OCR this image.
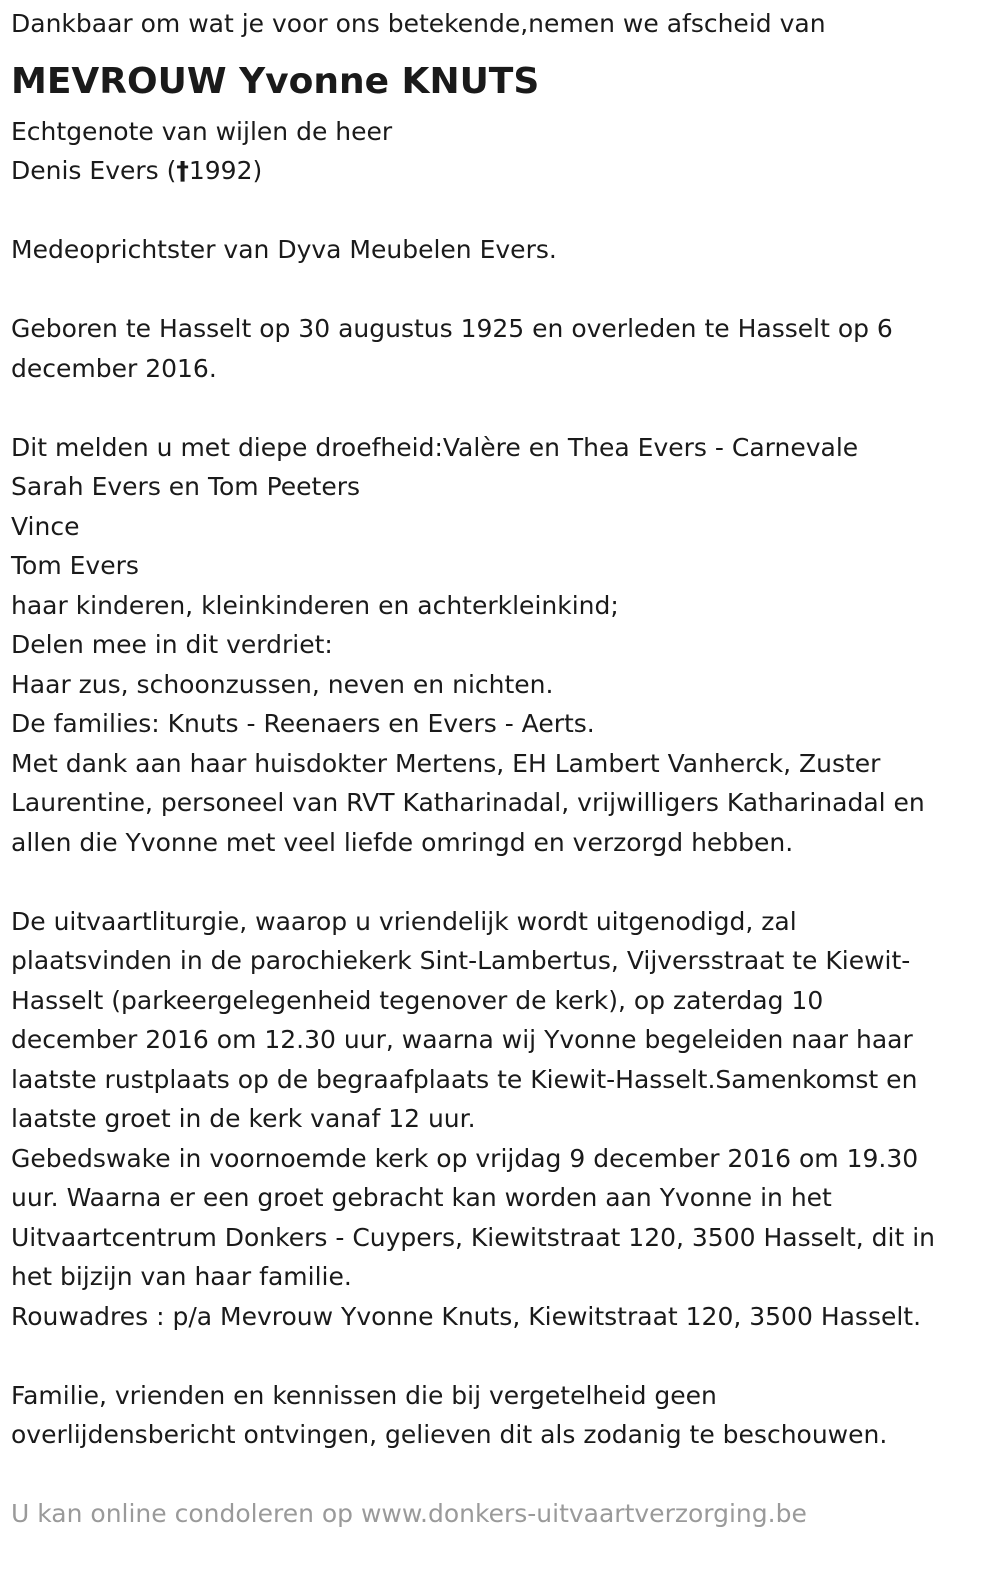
Dankbaar om wat je voor ons betekende,nemen we afscheid van

MEVROUW Yvonne KNUTS

Echtgenote van wijlen de heer

Denis Evers (†1992)

Medeoprichtster van Dyva Meubelen Evers.

Geboren te Hasselt op 30 augustus 1925 en overleden te Hasselt op 6

december 2016.

Dit melden u met diepe droefheid:Valère en Thea Evers - Carnevale

Sarah Evers en Tom Peeters

Vince

Tom Evers

haar kinderen, kleinkinderen en achterkleinkind;

Delen mee in dit verdriet:

Haar zus, schoonzussen, neven en nichten.

De families: Knuts - Reenaers en Evers - Aerts.

Met dank aan haar huisdokter Mertens, EH Lambert Vanherck, Zuster

Laurentine, personeel van RVT Katharinadal, vrijwilligers Katharinadal en

allen die Yvonne met veel liefde omringd en verzorgd hebben.

De uitvaartliturgie, waarop u vriendelijk wordt uitgenodigd, zal

plaatsvinden in de parochiekerk Sint-Lambertus, Vijversstraat te Kiewit-

Hasselt (parkeergelegenheid tegenover de kerk), op zaterdag 10

december 2016 om 12.30 uur, waarna wij Yvonne begeleiden naar haar

laatste rustplaats op de begraafplaats te Kiewit-Hasselt.Samenkomst en

laatste groet in de kerk vanaf 12 uur.

Gebedswake in voornoemde kerk op vrijdag 9 december 2016 om 19.30

uur. Waarna er een groet gebracht kan worden aan Yvonne in het

Uitvaartcentrum Donkers - Cuypers, Kiewitstraat 120, 3500 Hasselt, dit in

het bijzijn van haar familie.

Rouwadres : p/a Mevrouw Yvonne Knuts, Kiewitstraat 120, 3500 Hasselt.

Familie, vrienden en kennissen die bij vergetelheid geen

overlijdensbericht ontvingen, gelieven dit als zodanig te beschouwen.

U kan online condoleren op www.donkers-uitvaartverzorging.be
